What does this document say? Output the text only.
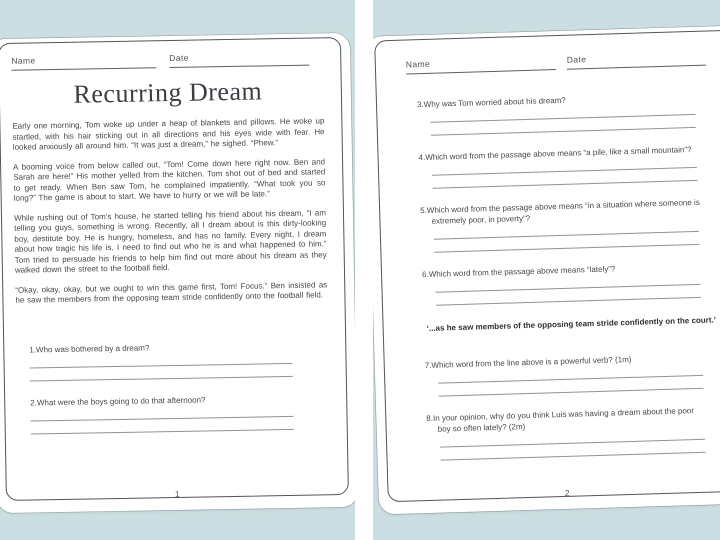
Name	Date
Recurring Dream

Early one morning, Tom woke up under a heap of blankets and pillows. He woke up startled, with his hair sticking out in all directions and his eyes wide with fear. He looked anxiously all around him. “It was just a dream,” he sighed. “Phew.”

A booming voice from below called out, “Tom! Come down here right now. Ben and Sarah are here!” His mother yelled from the kitchen. Tom shot out of bed and started to get ready. When Ben saw Tom, he complained impatiently. “What took you so long?” The game is about to start. We have to hurry or we will be late.”

While rushing out of Tom’s house, he started telling his friend about his dream, “I am telling you guys, something is wrong. Recently, all I dream about is this dirty-looking boy, destitute boy. He is hungry, homeless, and has no family. Every night, I dream about how tragic his life is. I need to find out who he is and what happened to him.” Tom tried to persuade his friends to help him find out more about his dream as they walked down the street to the football field.

“Okay, okay, okay, but we ought to win this game first, Tom! Focus.” Ben insisted as he saw the members from the opposing team stride confidently onto the football field.

1.Who was bothered by a dream?
2.What were the boys going to do that afternoon?
1
Name	Date
3.Why was Tom worried about his dream?
4.Which word from the passage above means “a pile, like a small mountain”?
5.Which word from the passage above means “in a situation where someone is extremely poor, in poverty”?
6.Which word from the passage above means “lately”?
‘...as he saw members of the opposing team stride confidently on the court.’
7.Which word from the line above is a powerful verb? (1m)
8.In your opinion, why do you think Luis was having a dream about the poor boy so often lately? (2m)
2
